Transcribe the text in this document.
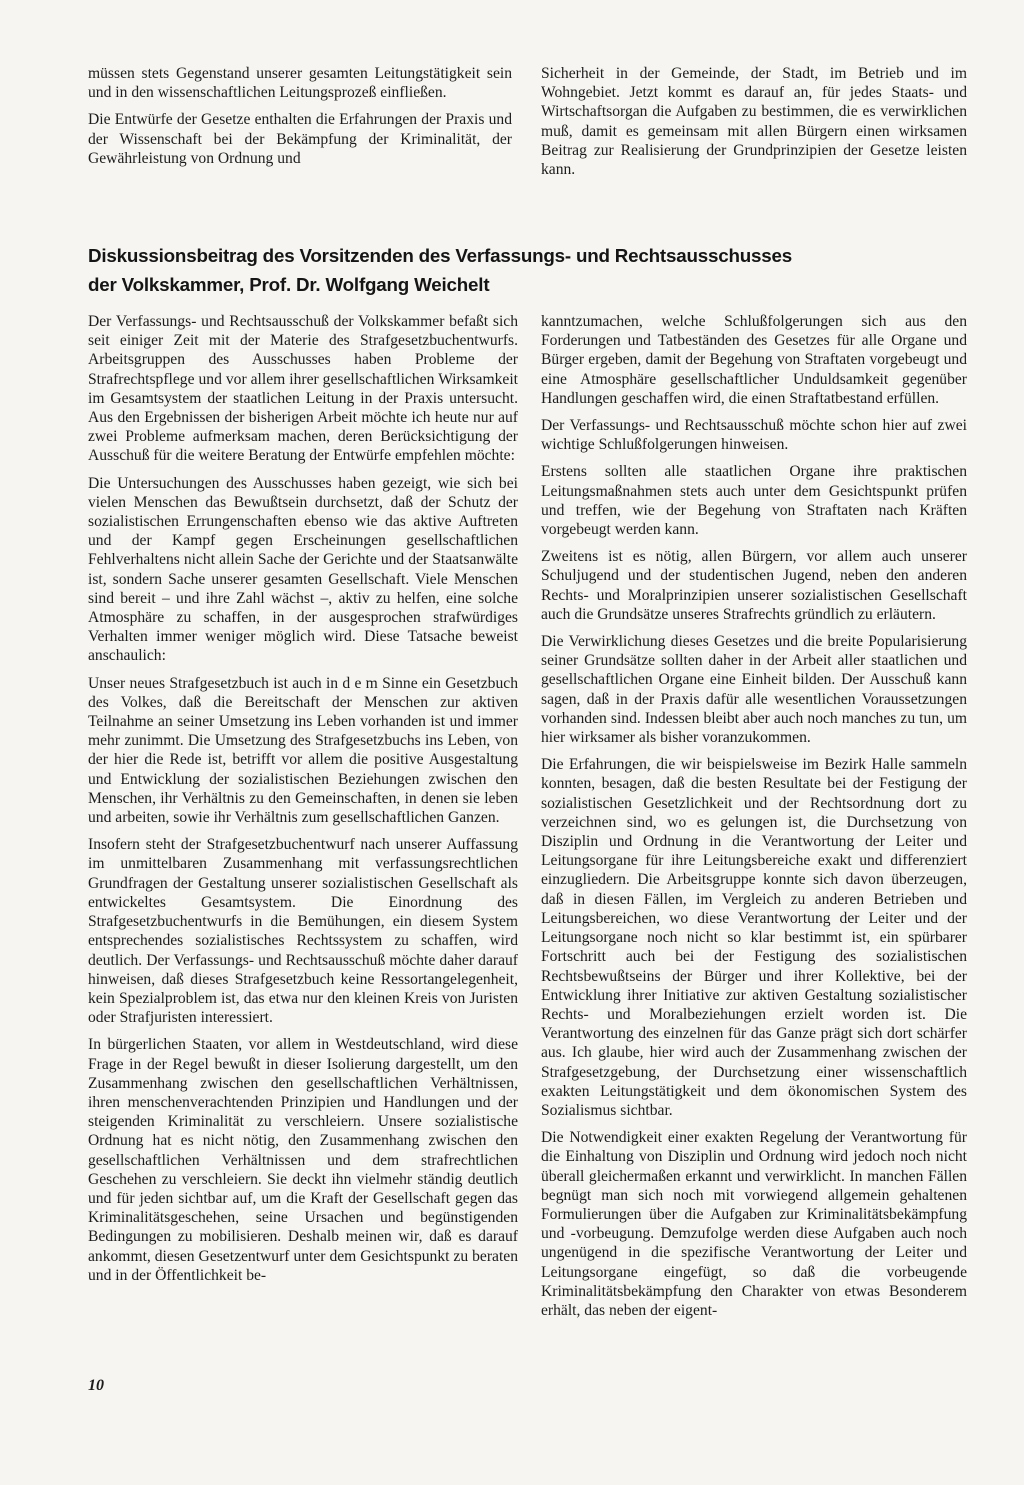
müssen stets Gegenstand unserer gesamten Leitungstätigkeit sein und in den wissenschaftlichen Leitungsprozeß einfließen.

Die Entwürfe der Gesetze enthalten die Erfahrungen der Praxis und der Wissenschaft bei der Bekämpfung der Kriminalität, der Gewährleistung von Ordnung und

Sicherheit in der Gemeinde, der Stadt, im Betrieb und im Wohngebiet. Jetzt kommt es darauf an, für jedes Staats- und Wirtschaftsorgan die Aufgaben zu bestimmen, die es verwirklichen muß, damit es gemeinsam mit allen Bürgern einen wirksamen Beitrag zur Realisierung der Grundprinzipien der Gesetze leisten kann.

Diskussionsbeitrag des Vorsitzenden des Verfassungs- und Rechtsausschusses
der Volkskammer, Prof. Dr. Wolfgang Weichelt

Der Verfassungs- und Rechtsausschuß der Volkskammer befaßt sich seit einiger Zeit mit der Materie des Strafgesetzbuchentwurfs. Arbeitsgruppen des Ausschusses haben Probleme der Strafrechtspflege und vor allem ihrer gesellschaftlichen Wirksamkeit im Gesamtsystem der staatlichen Leitung in der Praxis untersucht. Aus den Ergebnissen der bisherigen Arbeit möchte ich heute nur auf zwei Probleme aufmerksam machen, deren Berücksichtigung der Ausschuß für die weitere Beratung der Entwürfe empfehlen möchte:

Die Untersuchungen des Ausschusses haben gezeigt, wie sich bei vielen Menschen das Bewußtsein durchsetzt, daß der Schutz der sozialistischen Errungenschaften ebenso wie das aktive Auftreten und der Kampf gegen Erscheinungen gesellschaftlichen Fehlverhaltens nicht allein Sache der Gerichte und der Staatsanwälte ist, sondern Sache unserer gesamten Gesellschaft. Viele Menschen sind bereit – und ihre Zahl wächst –, aktiv zu helfen, eine solche Atmosphäre zu schaffen, in der ausgesprochen strafwürdiges Verhalten immer weniger möglich wird. Diese Tatsache beweist anschaulich:

Unser neues Strafgesetzbuch ist auch in d e m Sinne ein Gesetzbuch des Volkes, daß die Bereitschaft der Menschen zur aktiven Teilnahme an seiner Umsetzung ins Leben vorhanden ist und immer mehr zunimmt. Die Umsetzung des Strafgesetzbuchs ins Leben, von der hier die Rede ist, betrifft vor allem die positive Ausgestaltung und Entwicklung der sozialistischen Beziehungen zwischen den Menschen, ihr Verhältnis zu den Gemeinschaften, in denen sie leben und arbeiten, sowie ihr Verhältnis zum gesellschaftlichen Ganzen.

Insofern steht der Strafgesetzbuchentwurf nach unserer Auffassung im unmittelbaren Zusammenhang mit verfassungsrechtlichen Grundfragen der Gestaltung unserer sozialistischen Gesellschaft als entwickeltes Gesamtsystem. Die Einordnung des Strafgesetzbuchentwurfs in die Bemühungen, ein diesem System entsprechendes sozialistisches Rechtssystem zu schaffen, wird deutlich. Der Verfassungs- und Rechtsausschuß möchte daher darauf hinweisen, daß dieses Strafgesetzbuch keine Ressortangelegenheit, kein Spezialproblem ist, das etwa nur den kleinen Kreis von Juristen oder Strafjuristen interessiert.

In bürgerlichen Staaten, vor allem in Westdeutschland, wird diese Frage in der Regel bewußt in dieser Isolierung dargestellt, um den Zusammenhang zwischen den gesellschaftlichen Verhältnissen, ihren menschenverachtenden Prinzipien und Handlungen und der steigenden Kriminalität zu verschleiern. Unsere sozialistische Ordnung hat es nicht nötig, den Zusammenhang zwischen den gesellschaftlichen Verhältnissen und dem strafrechtlichen Geschehen zu verschleiern. Sie deckt ihn vielmehr ständig deutlich und für jeden sichtbar auf, um die Kraft der Gesellschaft gegen das Kriminalitätsgeschehen, seine Ursachen und begünstigenden Bedingungen zu mobilisieren. Deshalb meinen wir, daß es darauf ankommt, diesen Gesetzentwurf unter dem Gesichtspunkt zu beraten und in der Öffentlichkeit be-

kanntzumachen, welche Schlußfolgerungen sich aus den Forderungen und Tatbeständen des Gesetzes für alle Organe und Bürger ergeben, damit der Begehung von Straftaten vorgebeugt und eine Atmosphäre gesellschaftlicher Unduldsamkeit gegenüber Handlungen geschaffen wird, die einen Straftatbestand erfüllen.

Der Verfassungs- und Rechtsausschuß möchte schon hier auf zwei wichtige Schlußfolgerungen hinweisen.

Erstens sollten alle staatlichen Organe ihre praktischen Leitungsmaßnahmen stets auch unter dem Gesichtspunkt prüfen und treffen, wie der Begehung von Straftaten nach Kräften vorgebeugt werden kann.

Zweitens ist es nötig, allen Bürgern, vor allem auch unserer Schuljugend und der studentischen Jugend, neben den anderen Rechts- und Moralprinzipien unserer sozialistischen Gesellschaft auch die Grundsätze unseres Strafrechts gründlich zu erläutern.

Die Verwirklichung dieses Gesetzes und die breite Popularisierung seiner Grundsätze sollten daher in der Arbeit aller staatlichen und gesellschaftlichen Organe eine Einheit bilden. Der Ausschuß kann sagen, daß in der Praxis dafür alle wesentlichen Voraussetzungen vorhanden sind. Indessen bleibt aber auch noch manches zu tun, um hier wirksamer als bisher voranzukommen.

Die Erfahrungen, die wir beispielsweise im Bezirk Halle sammeln konnten, besagen, daß die besten Resultate bei der Festigung der sozialistischen Gesetzlichkeit und der Rechtsordnung dort zu verzeichnen sind, wo es gelungen ist, die Durchsetzung von Disziplin und Ordnung in die Verantwortung der Leiter und Leitungsorgane für ihre Leitungsbereiche exakt und differenziert einzugliedern. Die Arbeitsgruppe konnte sich davon überzeugen, daß in diesen Fällen, im Vergleich zu anderen Betrieben und Leitungsbereichen, wo diese Verantwortung der Leiter und der Leitungsorgane noch nicht so klar bestimmt ist, ein spürbarer Fortschritt auch bei der Festigung des sozialistischen Rechtsbewußtseins der Bürger und ihrer Kollektive, bei der Entwicklung ihrer Initiative zur aktiven Gestaltung sozialistischer Rechts- und Moralbeziehungen erzielt worden ist. Die Verantwortung des einzelnen für das Ganze prägt sich dort schärfer aus. Ich glaube, hier wird auch der Zusammenhang zwischen der Strafgesetzgebung, der Durchsetzung einer wissenschaftlich exakten Leitungstätigkeit und dem ökonomischen System des Sozialismus sichtbar.

Die Notwendigkeit einer exakten Regelung der Verantwortung für die Einhaltung von Disziplin und Ordnung wird jedoch noch nicht überall gleichermaßen erkannt und verwirklicht. In manchen Fällen begnügt man sich noch mit vorwiegend allgemein gehaltenen Formulierungen über die Aufgaben zur Kriminalitätsbekämpfung und -vorbeugung. Demzufolge werden diese Aufgaben auch noch ungenügend in die spezifische Verantwortung der Leiter und Leitungsorgane eingefügt, so daß die vorbeugende Kriminalitätsbekämpfung den Charakter von etwas Besonderem erhält, das neben der eigent-

10
